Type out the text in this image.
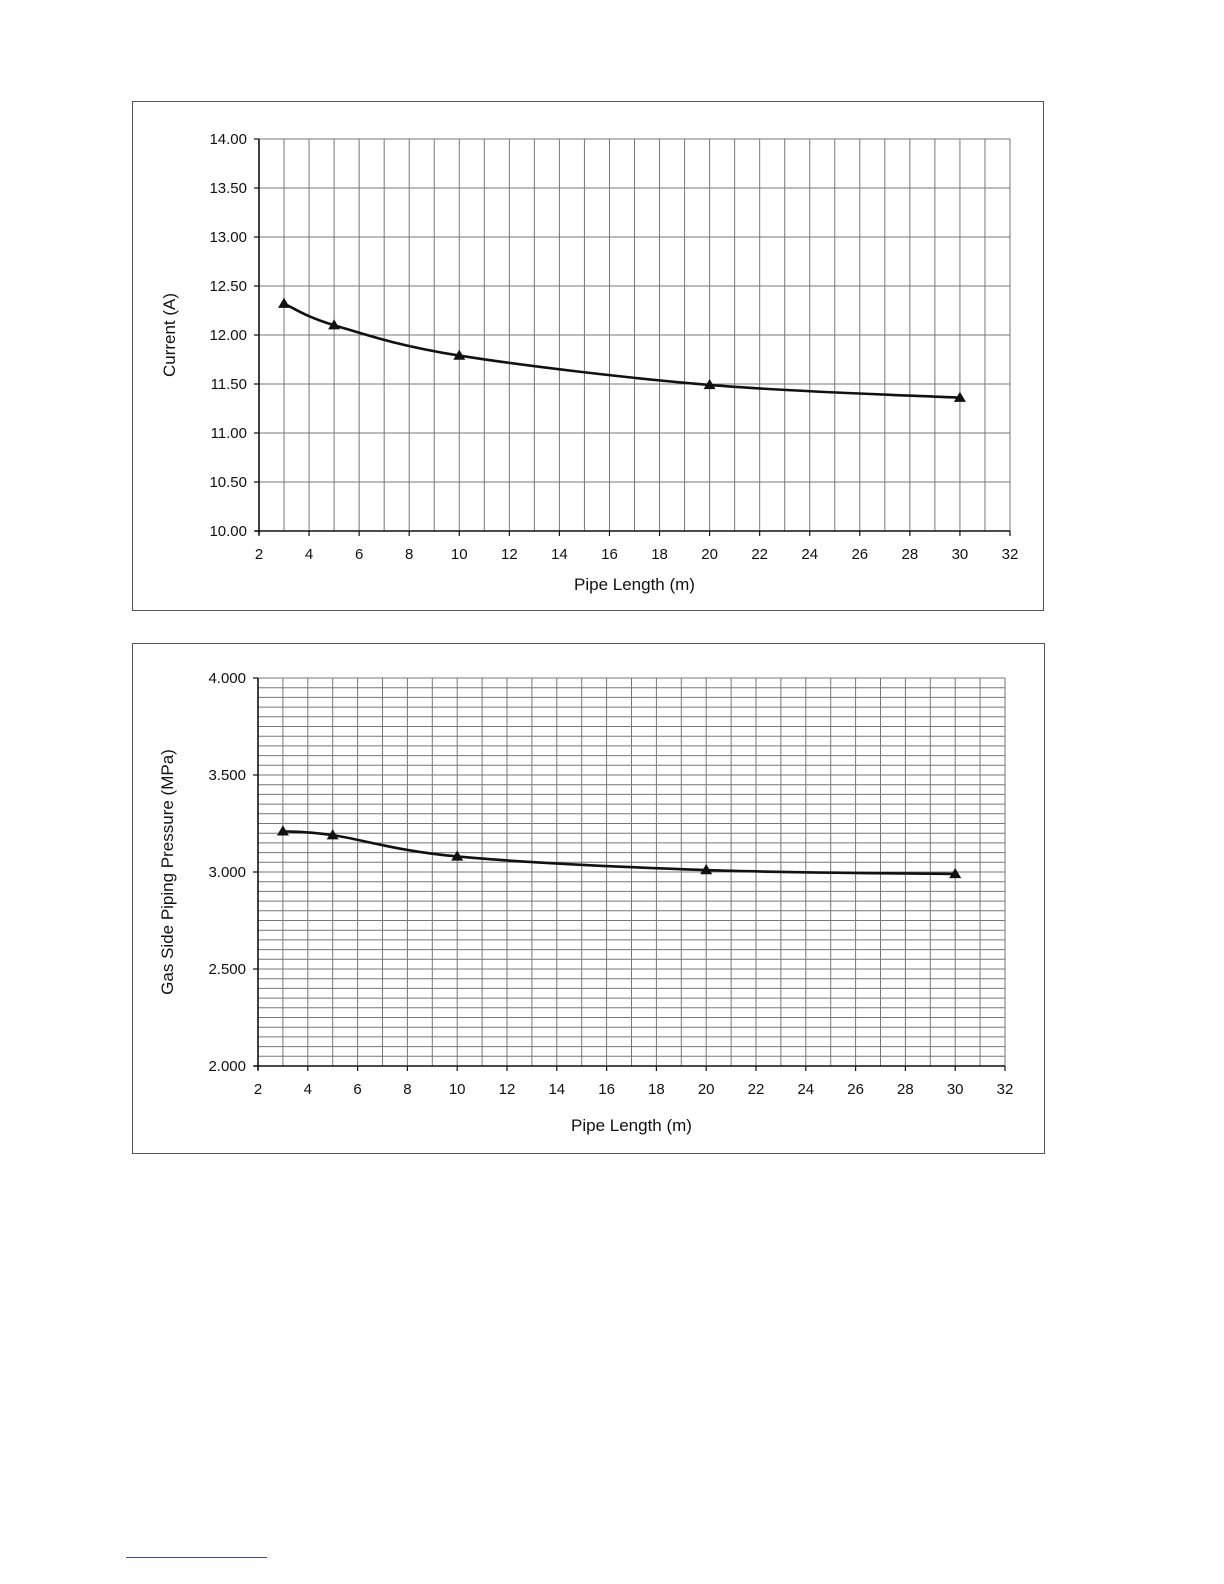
2	4	6	8	10 12 14 16 18 20 22 24 26 28 30 32
10.00
10.50
11.00
11.50
12.00
12.50
13.00
13.50
14.00
Pipe Length (m)
Current (A)
2	4	6	8 10 12 14 16 18 20 22 24 26 28 30 32
2.000
2.500
3.000
3.500
4.000
Pipe Length (m)
Gas Side Piping Pressure (MPa)
